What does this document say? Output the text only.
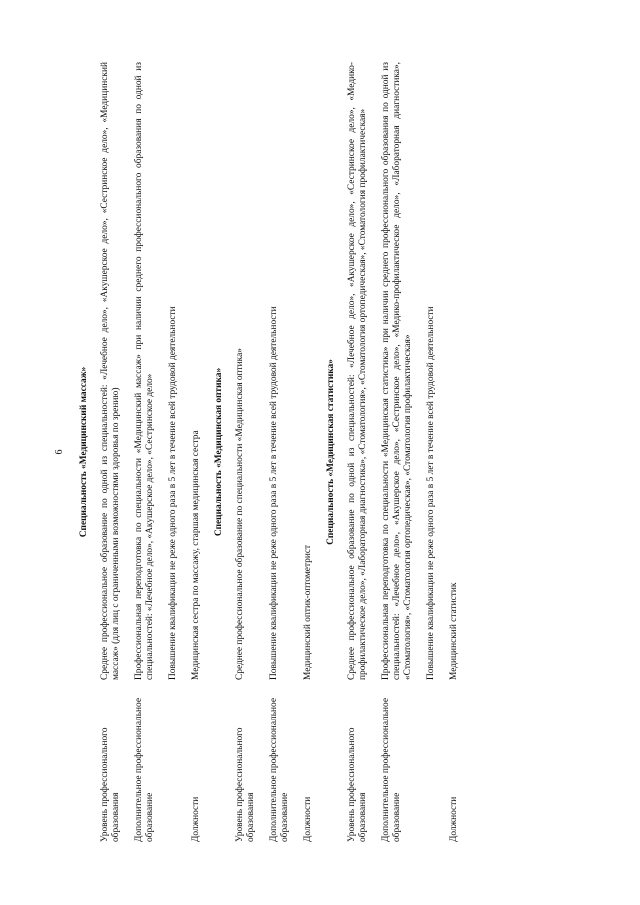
6 Специальность «Медицинский массаж»
Уровень профессионального образования
Среднее профессиональное образование по одной из специальностей: «Лечебное дело», «Акушерское дело», «Сестринское дело», «Медицинский массаж» (для лиц с ограниченными возможностями здоровья по зрению)
Дополнительное профессиональное образование
Профессиональная переподготовка по специальности «Медицинский массаж» при наличии среднего профессионального образования по одной из специальностей: «Лечебное дело», «Акушерское дело», «Сестринское дело» Повышение квалификации не реже одного раза в 5 лет в течение всей трудовой деятельности
Должности
Медицинская сестра по массажу, старшая медицинская сестра Специальность «Медицинская оптика»
Уровень профессионального образования
Среднее профессиональное образование по специальности «Медицинская оптика»
Дополнительное профессиональное образование
Повышение квалификации не реже одного раза в 5 лет в течение всей трудовой деятельности
Должности
Медицинский оптик-оптометрист
Специальность «Медицинская статистика»
Уровень профессионального образования
Среднее профессиональное образование по одной из специальностей: «Лечебное дело», «Акушерское дело», «Сестринское дело», «Медико-профилактическое дело», «Лабораторная диагностика», «Стоматология», «Стоматология ортопедическая», «Стоматология профилактическая»
Дополнительное профессиональное образование
Профессиональная переподготовка по специальности «Медицинская статистика» при наличии среднего профессионального образования по одной из специальностей: «Лечебное дело», «Акушерское дело», «Сестринское дело», «Медико-профилактическое дело», «Лабораторная диагностика», «Стоматология», «Стоматология ортопедическая», «Стоматология профилактическая» Повышение квалификации не реже одного раза в 5 лет в течение всей трудовой деятельности
Должности
Медицинский статистик
